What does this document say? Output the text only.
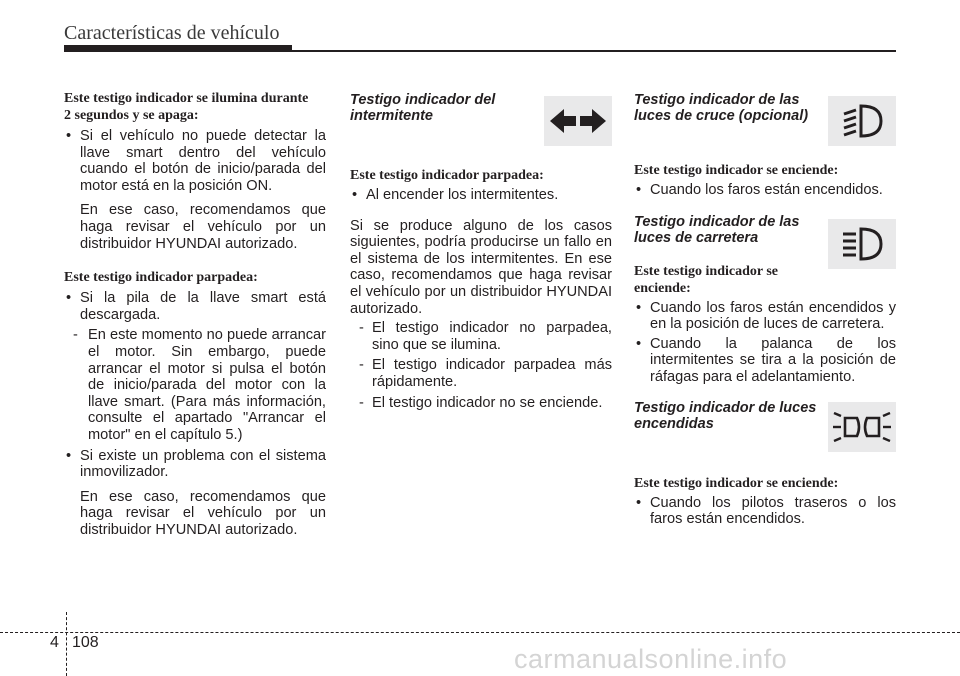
Características de vehículo

Este testigo indicador se ilumina durante 2 segundos y se apaga:

• Si el vehículo no puede detectar la llave smart dentro del vehículo cuando el botón de inicio/parada del motor está en la posición ON.

En ese caso, recomendamos que haga revisar el vehículo por un distribuidor HYUNDAI autorizado.

Este testigo indicador parpadea:

• Si la pila de la llave smart está descargada.

- En este momento no puede arrancar el motor. Sin embargo, puede arrancar el motor si pulsa el botón de inicio/parada del motor con la llave smart. (Para más información, consulte el apartado "Arrancar el motor" en el capítulo 5.)

• Si existe un problema con el sistema inmovilizador.

En ese caso, recomendamos que haga revisar el vehículo por un distribuidor HYUNDAI autorizado.

Testigo indicador del intermitente

Este testigo indicador parpadea:

• Al encender los intermitentes.

Si se produce alguno de los casos siguientes, podría producirse un fallo en el sistema de los intermitentes. En ese caso, recomendamos que haga revisar el vehículo por un distribuidor HYUNDAI autorizado.

- El testigo indicador no parpadea, sino que se ilumina.

- El testigo indicador parpadea más rápidamente.

- El testigo indicador no se enciende.

Testigo indicador de las luces de cruce (opcional)

Este testigo indicador se enciende:

• Cuando los faros están encendidos.

Testigo indicador de las luces de carretera

Este testigo indicador se enciende:

• Cuando los faros están encendidos y en la posición de luces de carretera.

• Cuando la palanca de los intermitentes se tira a la posición de ráfagas para el adelantamiento.

Testigo indicador de luces encendidas

Este testigo indicador se enciende:

• Cuando los pilotos traseros o los faros están encendidos.

4 108
carmanualsonline.info
